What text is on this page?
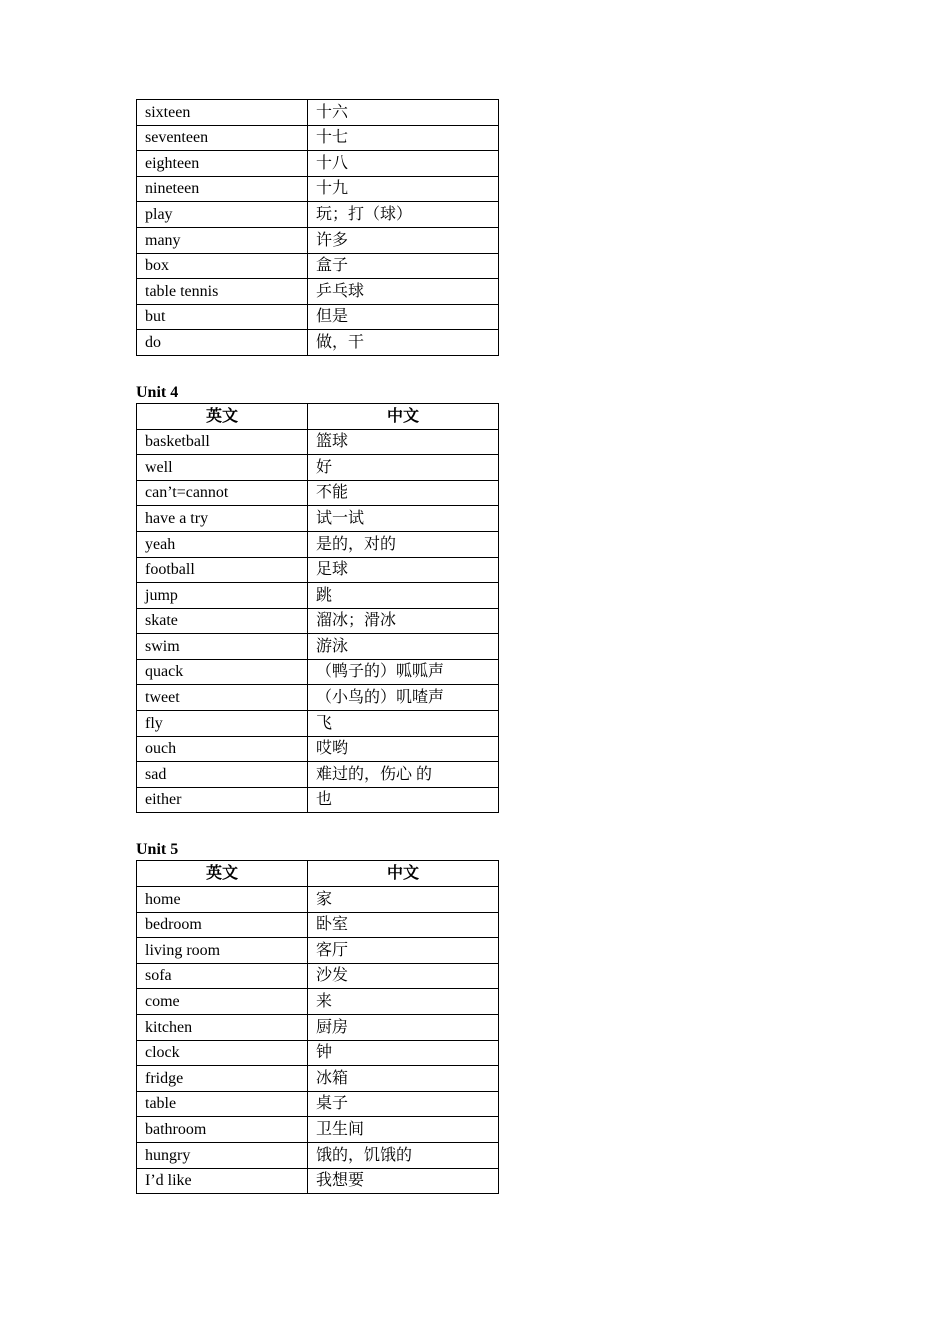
sixteen	十六
seventeen	十七
eighteen	十八
nineteen	十九
play	玩；打（球）
many	许多
box	盒子
table tennis	乒乓球
but	但是
do	做，干

Unit 4

英文	中文
basketball	篮球
well	好
can’t=cannot	不能
have a try	试一试
yeah	是的，对的
football	足球
jump	跳
skate	溜冰；滑冰
swim	游泳
quack	（鸭子的）呱呱声
tweet	（小鸟的）叽喳声
fly	飞
ouch	哎哟
sad	难过的，伤心 的
either	也

Unit 5

英文	中文
home	家
bedroom	卧室
living room	客厅
sofa	沙发
come	来
kitchen	厨房
clock	钟
fridge	冰箱
table	桌子
bathroom	卫生间
hungry	饿的，饥饿的
I’d like	我想要
